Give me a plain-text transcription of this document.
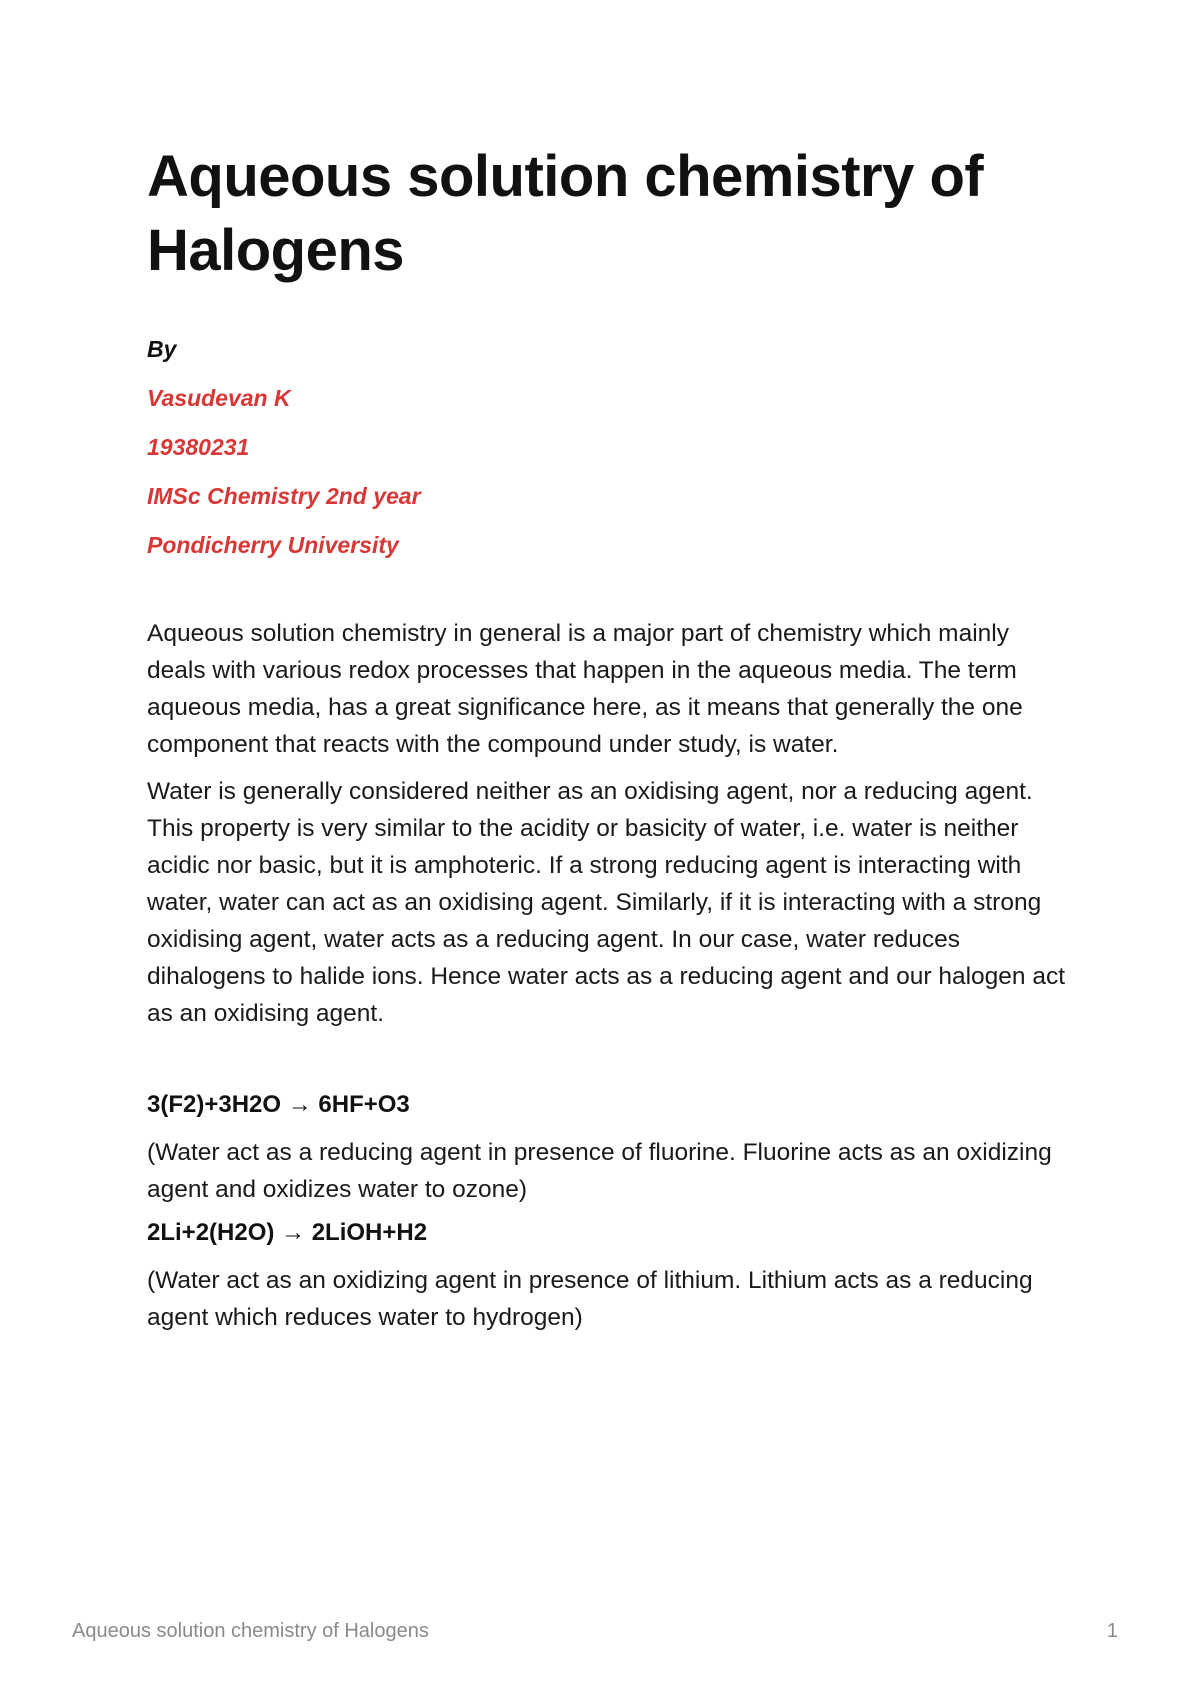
Aqueous solution chemistry of Halogens

By

Vasudevan K

19380231

IMSc Chemistry 2nd year

Pondicherry University

Aqueous solution chemistry in general is a major part of chemistry which mainly deals with various redox processes that happen in the aqueous media. The term aqueous media, has a great significance here, as it means that generally the one component that reacts with the compound under study, is water.

Water is generally considered neither as an oxidising agent, nor a reducing agent. This property is very similar to the acidity or basicity of water, i.e. water is neither acidic nor basic, but it is amphoteric. If a strong reducing agent is interacting with water, water can act as an oxidising agent. Similarly, if it is interacting with a strong oxidising agent, water acts as a reducing agent. In our case, water reduces dihalogens to halide ions. Hence water acts as a reducing agent and our halogen act as an oxidising agent.

3(F2)+3H2O → 6HF+O3

(Water act as a reducing agent in presence of fluorine. Fluorine acts as an oxidizing agent and oxidizes water to ozone)

2Li+2(H2O) → 2LiOH+H2

(Water act as an oxidizing agent in presence of lithium. Lithium acts as a reducing agent which reduces water to hydrogen)

Aqueous solution chemistry of Halogens	1
